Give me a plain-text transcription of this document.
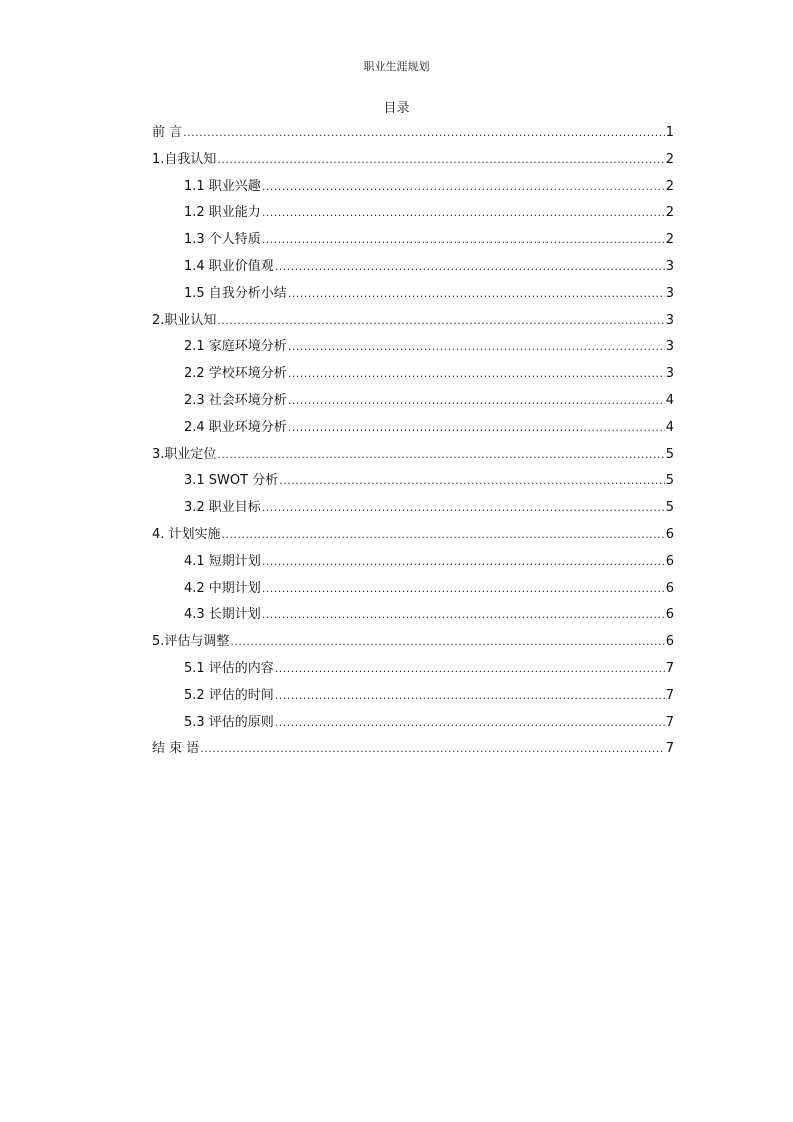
职业生涯规划
目录
前 言 .....	1
1.自我认知 .....	2
1.1 职业兴趣 .....	2
1.2 职业能力 .....	2
1.3 个人特质 .....	2
1.4 职业价值观 .....	3
1.5 自我分析小结 .....	3
2.职业认知 .....	3
2.1 家庭环境分析 .....	3
2.2 学校环境分析 .....	3
2.3 社会环境分析 .....	4
2.4 职业环境分析 .....	4
3.职业定位 .....	5
3.1 SWOT 分析 .....	5
3.2 职业目标 .....	5
4. 计划实施 .....	6
4.1 短期计划 .....	6
4.2 中期计划 .....	6
4.3 长期计划 .....	6
5.评估与调整 .....	6
5.1 评估的内容 .....	7
5.2 评估的时间 .....	7
5.3 评估的原则 .....	7
结 束 语 .....	7
